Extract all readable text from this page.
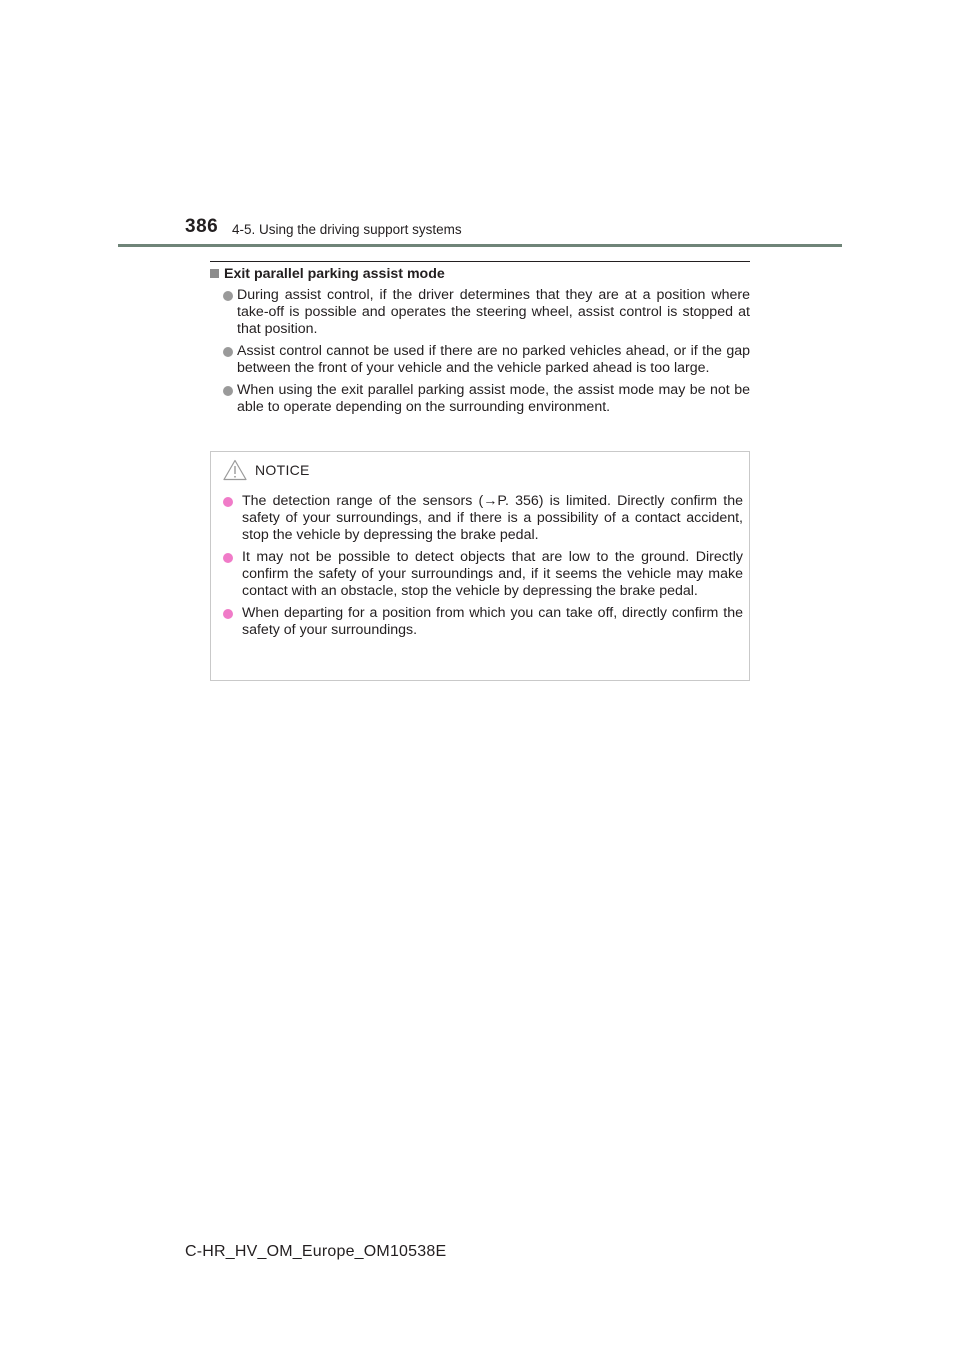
386 4-5. Using the driving support systems
Exit parallel parking assist mode
During assist control, if the driver determines that they are at a position where take-off is possible and operates the steering wheel, assist control is stopped at that position.
Assist control cannot be used if there are no parked vehicles ahead, or if the gap between the front of your vehicle and the vehicle parked ahead is too large.
When using the exit parallel parking assist mode, the assist mode may be not be able to operate depending on the surrounding environment.
NOTICE
The detection range of the sensors (→P. 356) is limited. Directly confirm the safety of your surroundings, and if there is a possibility of a contact accident, stop the vehicle by depressing the brake pedal.
It may not be possible to detect objects that are low to the ground. Directly confirm the safety of your surroundings and, if it seems the vehicle may make contact with an obstacle, stop the vehicle by depressing the brake pedal.
When departing for a position from which you can take off, directly confirm the safety of your surroundings.
C-HR_HV_OM_Europe_OM10538E
